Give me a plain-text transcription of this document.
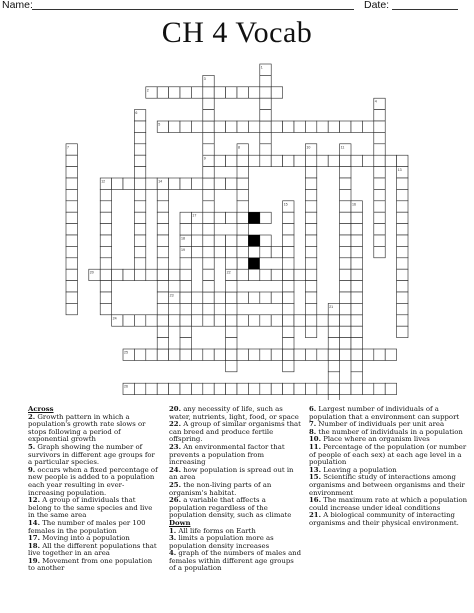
Name:	Date:
CH 4 Vocab
1
2
3
4
5
6
7	8
9
10	11
12
13
14
15	16
17
18
19
20
21
22
23
24
25
26
Across
2. Growth pattern in which a population's growth rate slows or stops following a period of exponential growth
5. Graph showing the number of survivors in different age groups for a particular species.
9. occurs when a fixed percentage of new people is added to a population each year resulting in ever-increasing population.
12. A group of individuals that belong to the same species and live in the same area
14. The number of males per 100 females in the population
17. Moving into a population
18. All the different populations that live together in an area
19. Movement from one population to another
20. any necessity of life, such as water, nutrients, light, food, or space
22. A group of similar organisms that can breed and produce fertile offspring.
23. An environmental factor that prevents a population from increasing
24. how population is spread out in an area
25. the non-living parts of an organism's habitat.
26. a variable that affects a population regardless of the population density, such as climate
Down
1. All life forms on Earth
3. limits a population more as population density increases
4. graph of the numbers of males and females within different age groups of a population
6. Largest number of individuals of a population that a environment can support
7. Number of individuals per unit area
8. the number of individuals in a population
10. Place where an organism lives
11. Percentage of the population (or number of people of each sex) at each age level in a population
13. Leaving a population
15. Scientific study of interactions among organisms and between organisms and their environment
16. The maximum rate at which a population could increase under ideal conditions
21. A biological community of interacting organisms and their physical environment.
